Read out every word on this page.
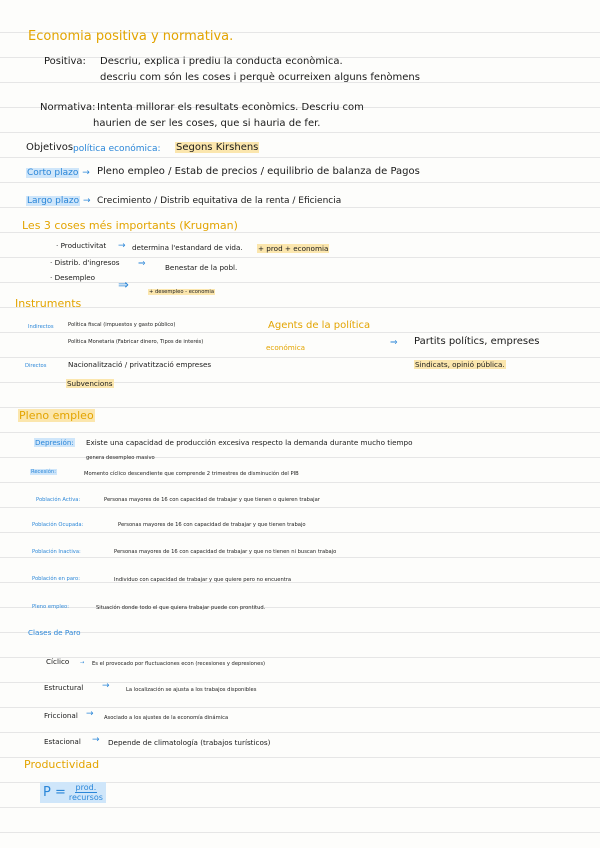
Economia positiva y normativa.
Positiva: Descriu, explica i prediu la conducta econòmica.
descriu com són les coses i perquè ocurreixen alguns fenòmens
Normativa: Intenta millorar els resultats econòmics. Descriu com
haurien de ser les coses, que si hauria de fer.
Objetivos política económica: Segons Kirshens
Corto plazo → Pleno empleo / Estab de precios / equilibrio de balanza de Pagos
Largo plazo → Crecimiento / Distrib equitativa de la renta / Eficiencia
Les 3 coses més importants (Krugman)
· Productivitat → determina l'estandard de vida. + prod + economia
· Distrib. d'ingresos ⇒	Benestar de la pobl.
· Desempleo
⇒	+ desempleo - economia
Instruments
Indirectos	Política fiscal (impuestos y gasto público)
Política Monetaria (Fabricar dinero, Tipos de interés)
Directos	Nacionalització / privatització empreses
Subvencions
Agents de la política
económica	⇒ Partits polítics, empreses
Sindicats, opinió pública.
Pleno empleo
Depresión: Existe una capacidad de producción excesiva respecto la demanda durante mucho tiempo
genera desempleo masivo
Recesión:	Momento cíclico descendiente que comprende 2 trimestres de disminución del PIB
Población Activa:	Personas mayores de 16 con capacidad de trabajar y que tienen o quieren trabajar
Población Ocupada:	Personas mayores de 16 con capacidad de trabajar y que tienen trabajo
Población Inactiva:	Personas mayores de 16 con capacidad de trabajar y que no tienen ni buscan trabajo
Población en paro:	Individuo con capacidad de trabajar y que quiere pero no encuentra
Pleno empleo:	Situación donde todo el que quiera trabajar puede con prontitud.
Clases de Paro
Cíclico → Es el provocado por fluctuaciones econ (recesiones y depresiones)
Estructural →	La localización se ajusta a los trabajos disponibles
Friccional → Asociado a los ajustes de la economía dinámica
Estacional → Depende de climatología (trabajos turísticos)
Productividad
$P = \frac{\text{prod.}}{\text{recursos}}$
